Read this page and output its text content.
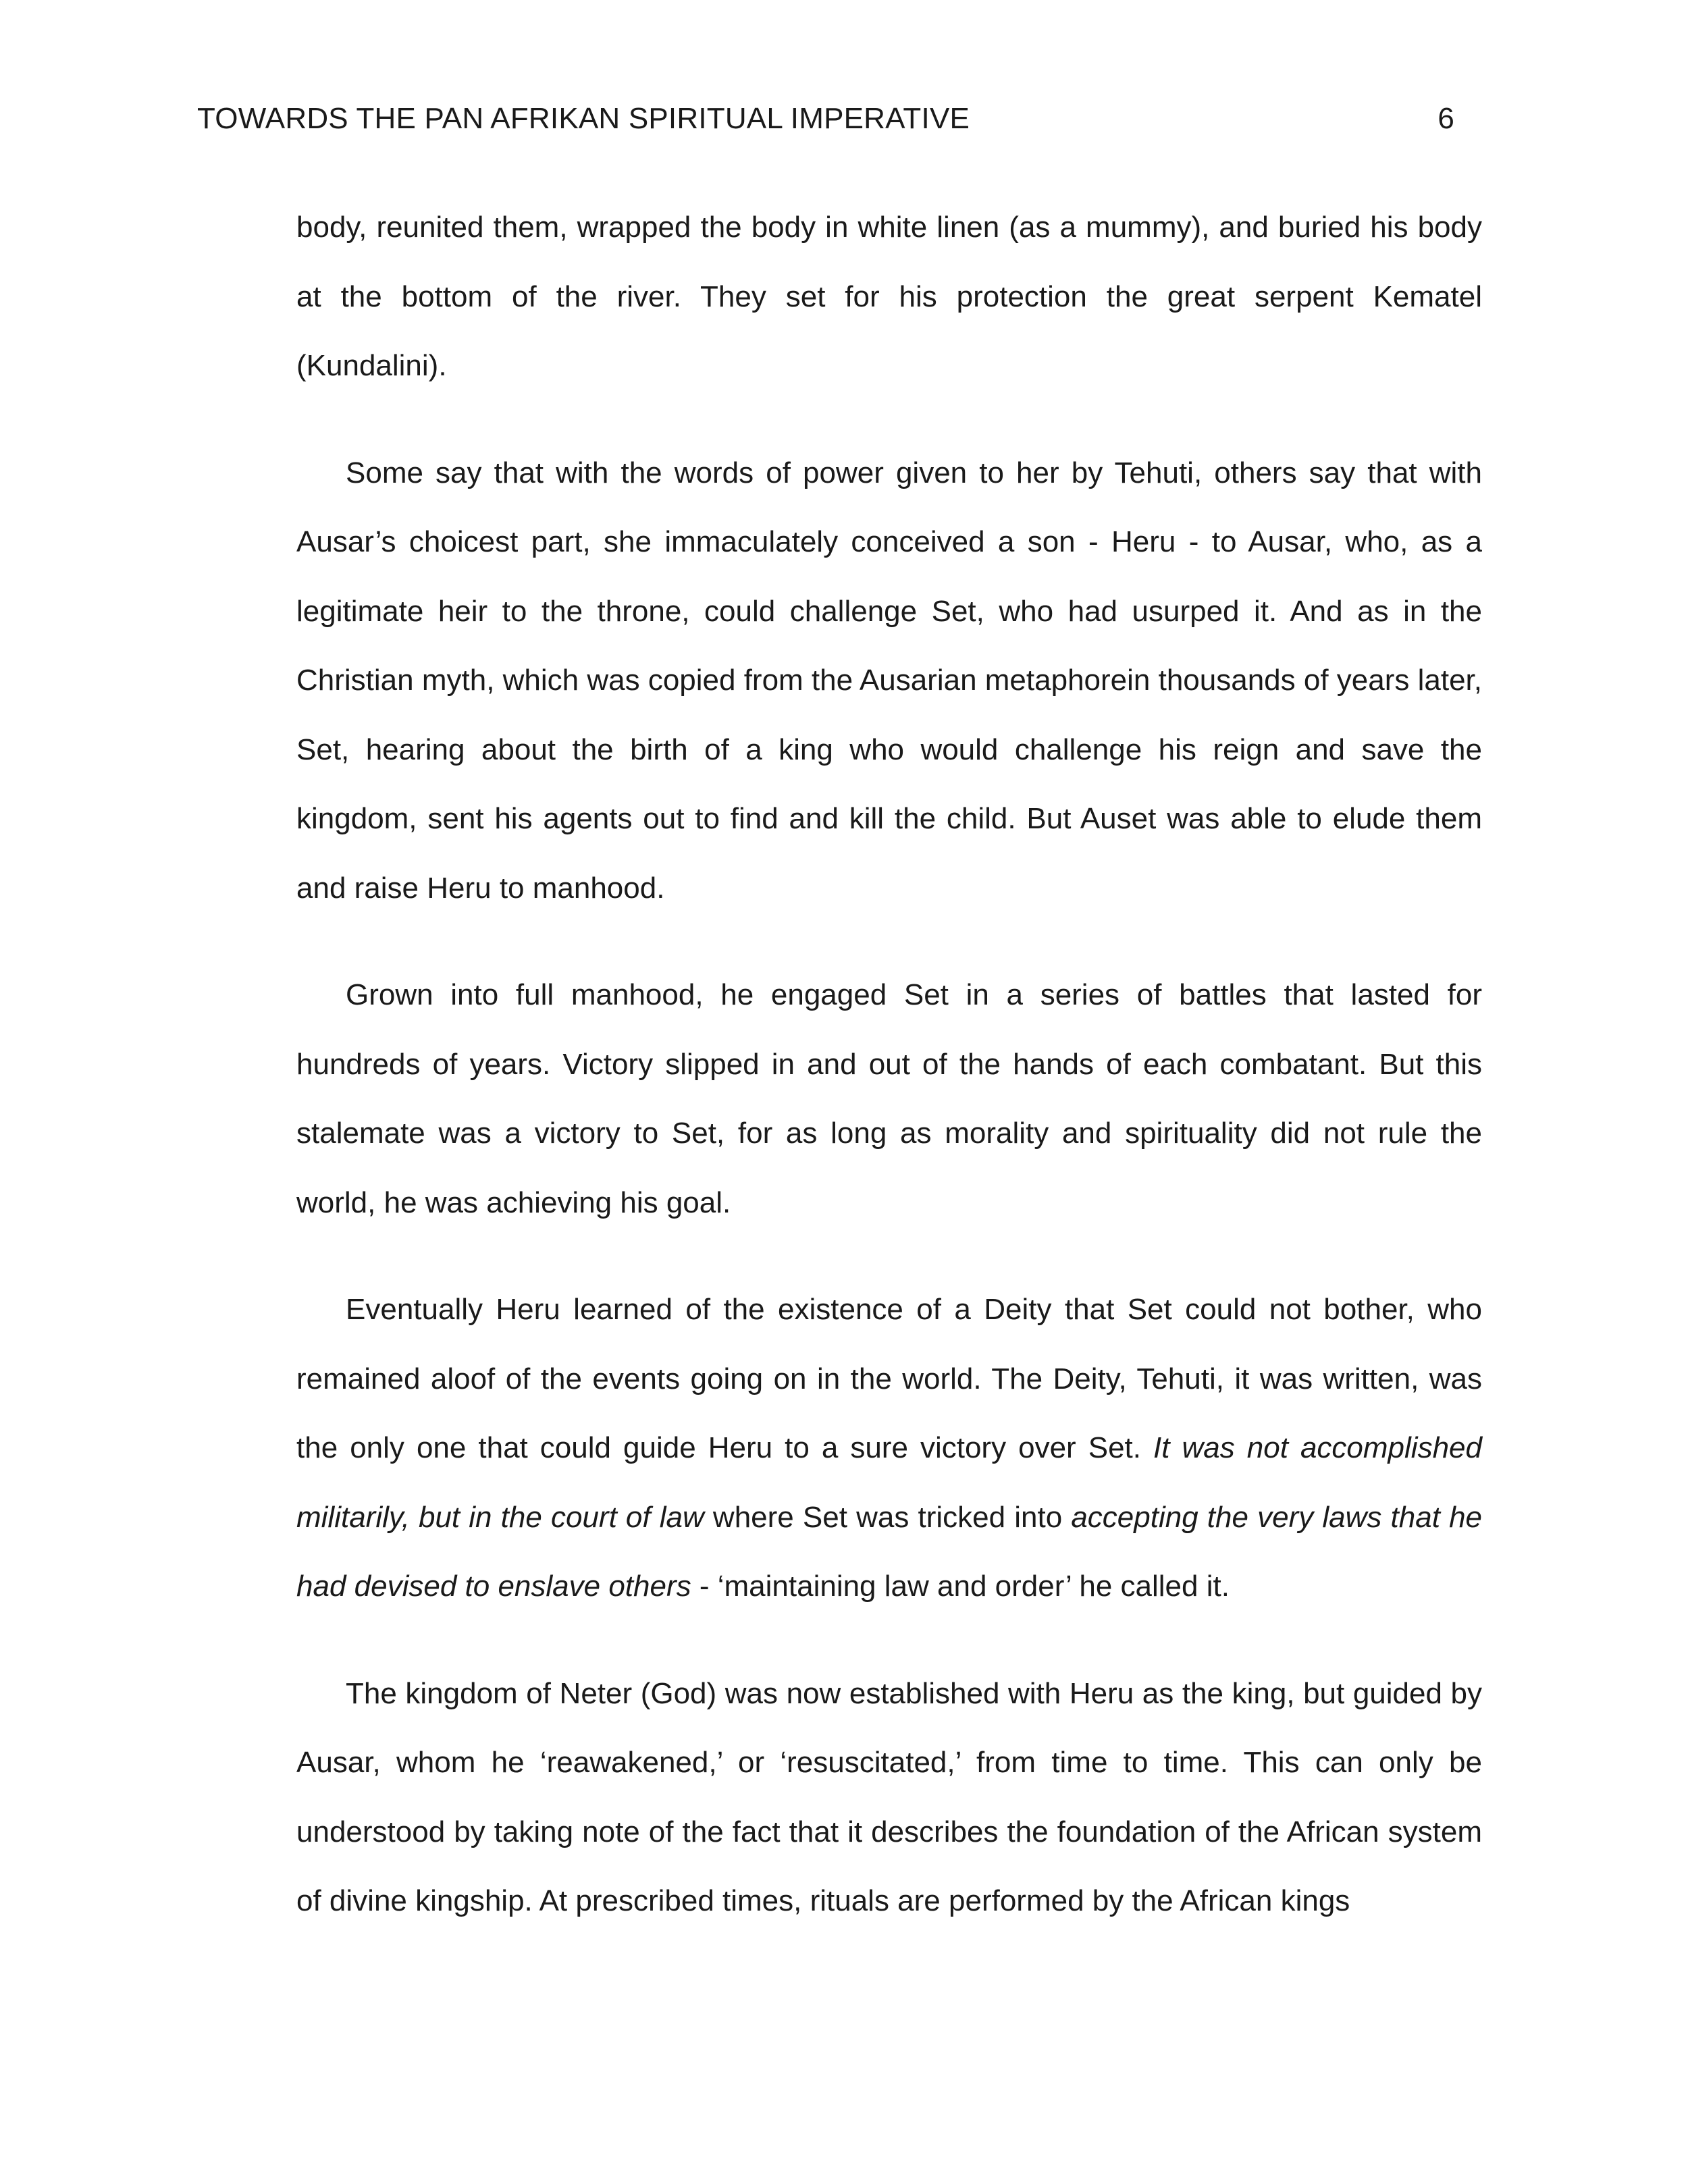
TOWARDS THE PAN AFRIKAN SPIRITUAL IMPERATIVE	6

body, reunited them, wrapped the body in white linen (as a mummy), and buried his body at the bottom of the river. They set for his protection the great serpent Kematel (Kundalini).

Some say that with the words of power given to her by Tehuti, others say that with Ausar’s choicest part, she immaculately conceived a son - Heru - to Ausar, who, as a legitimate heir to the throne, could challenge Set, who had usurped it. And as in the Christian myth, which was copied from the Ausarian metaphorein thousands of years later, Set, hearing about the birth of a king who would challenge his reign and save the kingdom, sent his agents out to find and kill the child. But Auset was able to elude them and raise Heru to manhood.

Grown into full manhood, he engaged Set in a series of battles that lasted for hundreds of years. Victory slipped in and out of the hands of each combatant. But this stalemate was a victory to Set, for as long as morality and spirituality did not rule the world, he was achieving his goal.

Eventually Heru learned of the existence of a Deity that Set could not bother, who remained aloof of the events going on in the world. The Deity, Tehuti, it was written, was the only one that could guide Heru to a sure victory over Set. It was not accomplished militarily, but in the court of law where Set was tricked into accepting the very laws that he had devised to enslave others - ‘maintaining law and order’ he called it.

The kingdom of Neter (God) was now established with Heru as the king, but guided by Ausar, whom he ‘reawakened,’ or ‘resuscitated,’ from time to time. This can only be understood by taking note of the fact that it describes the foundation of the African system of divine kingship. At prescribed times, rituals are performed by the African kings
